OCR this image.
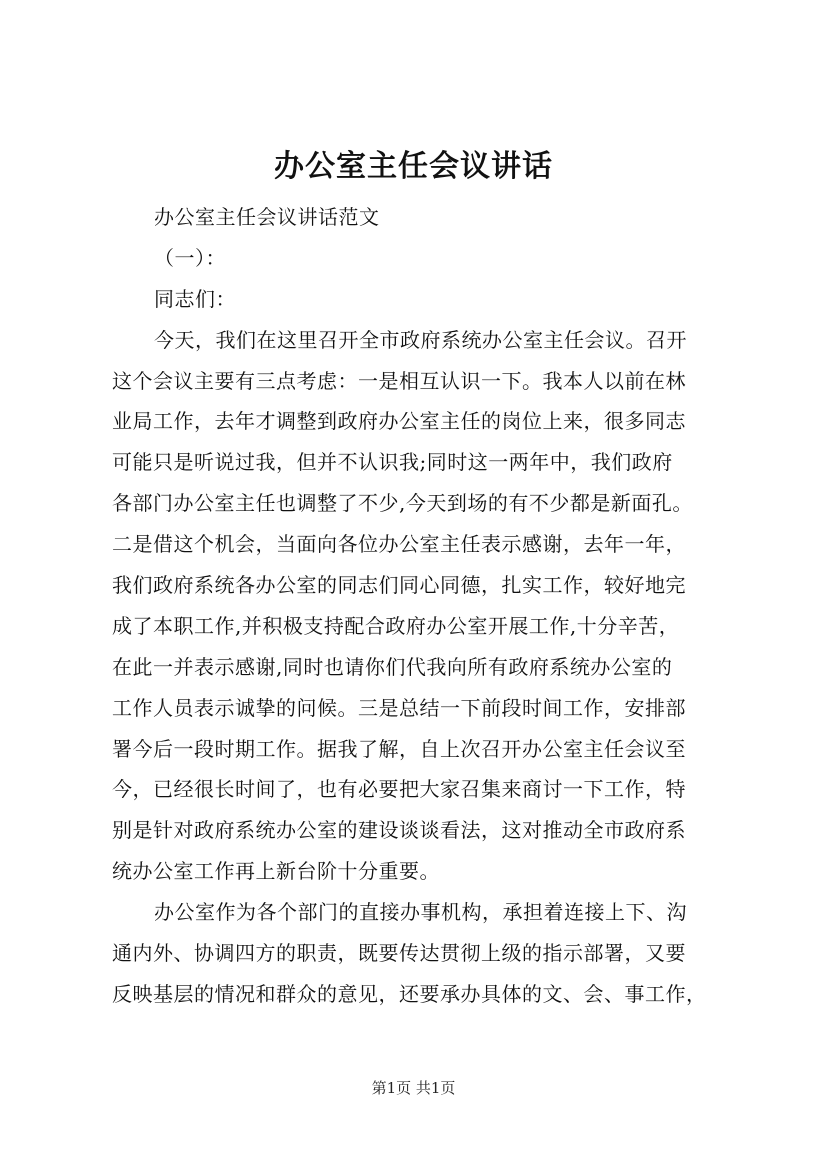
办公室主任会议讲话
办公室主任会议讲话范文
（一）：
同志们：
今天，我们在这里召开全市政府系统办公室主任会议。召开
这个会议主要有三点考虑：一是相互认识一下。我本人以前在林
业局工作，去年才调整到政府办公室主任的岗位上来，很多同志
可能只是听说过我，但并不认识我;同时这一两年中，我们政府
各部门办公室主任也调整了不少,今天到场的有不少都是新面孔。
二是借这个机会，当面向各位办公室主任表示感谢，去年一年，
我们政府系统各办公室的同志们同心同德，扎实工作，较好地完
成了本职工作,并积极支持配合政府办公室开展工作,十分辛苦，
在此一并表示感谢,同时也请你们代我向所有政府系统办公室的
工作人员表示诚挚的问候。三是总结一下前段时间工作，安排部
署今后一段时期工作。据我了解，自上次召开办公室主任会议至
今，已经很长时间了，也有必要把大家召集来商讨一下工作，特
别是针对政府系统办公室的建设谈谈看法，这对推动全市政府系
统办公室工作再上新台阶十分重要。
办公室作为各个部门的直接办事机构，承担着连接上下、沟
通内外、协调四方的职责，既要传达贯彻上级的指示部署，又要
反映基层的情况和群众的意见，还要承办具体的文、会、事工作，
第1页 共1页
